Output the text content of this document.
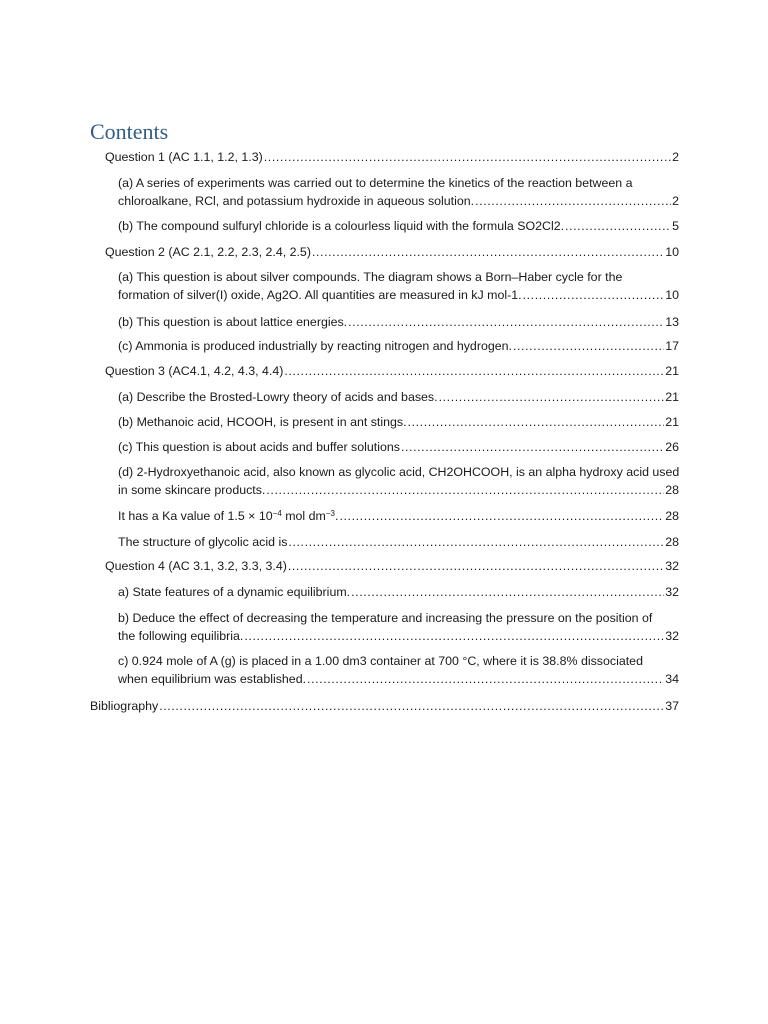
Contents
Question 1 (AC 1.1, 1.2, 1.3) .....	2
(a) A series of experiments was carried out to determine the kinetics of the reaction between a
chloroalkane, RCl, and potassium hydroxide in aqueous solution. .....	2
(b) The compound sulfuryl chloride is a colourless liquid with the formula SO2Cl2. .....	5
Question 2 (AC 2.1, 2.2, 2.3, 2.4, 2.5) .....	10
(a) This question is about silver compounds. The diagram shows a Born–Haber cycle for the
formation of silver(I) oxide, Ag2O. All quantities are measured in kJ mol-1. .....	10
(b) This question is about lattice energies. .....	13
(c) Ammonia is produced industrially by reacting nitrogen and hydrogen. .....	17
Question 3 (AC4.1, 4.2, 4.3, 4.4) .....	21
(a) Describe the Brosted-Lowry theory of acids and bases. .....	21
(b) Methanoic acid, HCOOH, is present in ant stings. .....	21
(c) This question is about acids and buffer solutions .....	26
(d) 2-Hydroxyethanoic acid, also known as glycolic acid, CH2OHCOOH, is an alpha hydroxy acid used
in some skincare products. .....	28
It has a Ka value of $1.5 \times 10^{-4}$ mol $dm^{-3}$. .....	28
The structure of glycolic acid is .....	28
Question 4 (AC 3.1, 3.2, 3.3, 3.4) .....	32
a) State features of a dynamic equilibrium. .....	32
b) Deduce the effect of decreasing the temperature and increasing the pressure on the position of
the following equilibria. .....	32
c) 0.924 mole of A (g) is placed in a 1.00 dm3 container at 700 °C, where it is 38.8% dissociated
when equilibrium was established. .....	34
Bibliography .....	37
